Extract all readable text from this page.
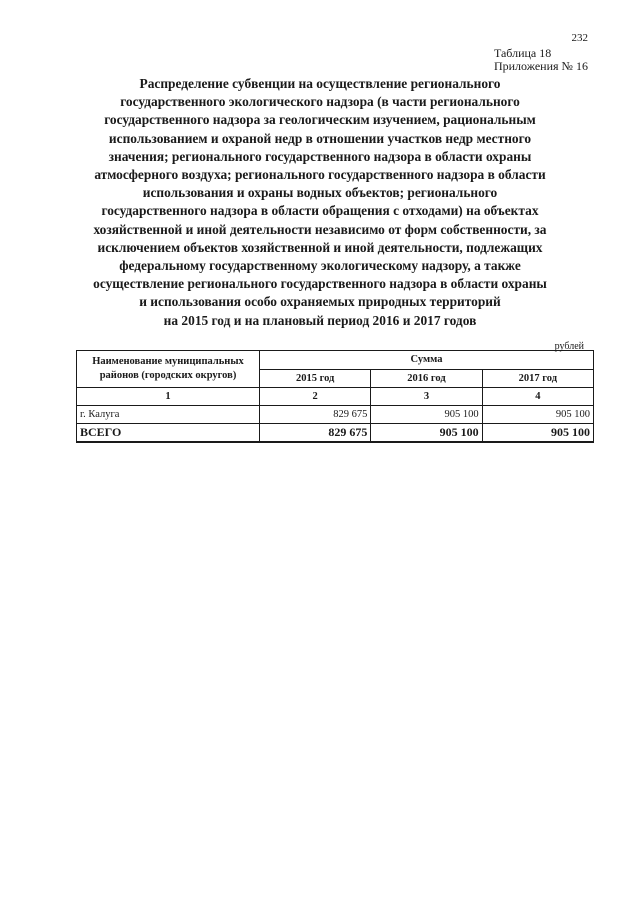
232
Таблица 18
Приложения № 16
Распределение субвенции на осуществление регионального
государственного экологического надзора (в части регионального
государственного надзора за геологическим изучением, рациональным
использованием и охраной недр в отношении участков недр местного
значения; регионального государственного надзора в области охраны
атмосферного воздуха; регионального государственного надзора в области
использования и охраны водных объектов; регионального
государственного надзора в области обращения с отходами) на объектах
хозяйственной и иной деятельности независимо от форм собственности, за
исключением объектов хозяйственной и иной деятельности, подлежащих
федеральному государственному экологическому надзору, а также
осуществление регионального государственного надзора в области охраны
и использования особо охраняемых природных территорий
на 2015 год и на плановый период 2016 и 2017 годов
рублей
Наименование муниципальных районов (городских округов)	Сумма		
	2015 год	2016 год	2017 год
1	2	3	4
г. Калуга	829 675	905 100	905 100
ВСЕГО	829 675	905 100	905 100
